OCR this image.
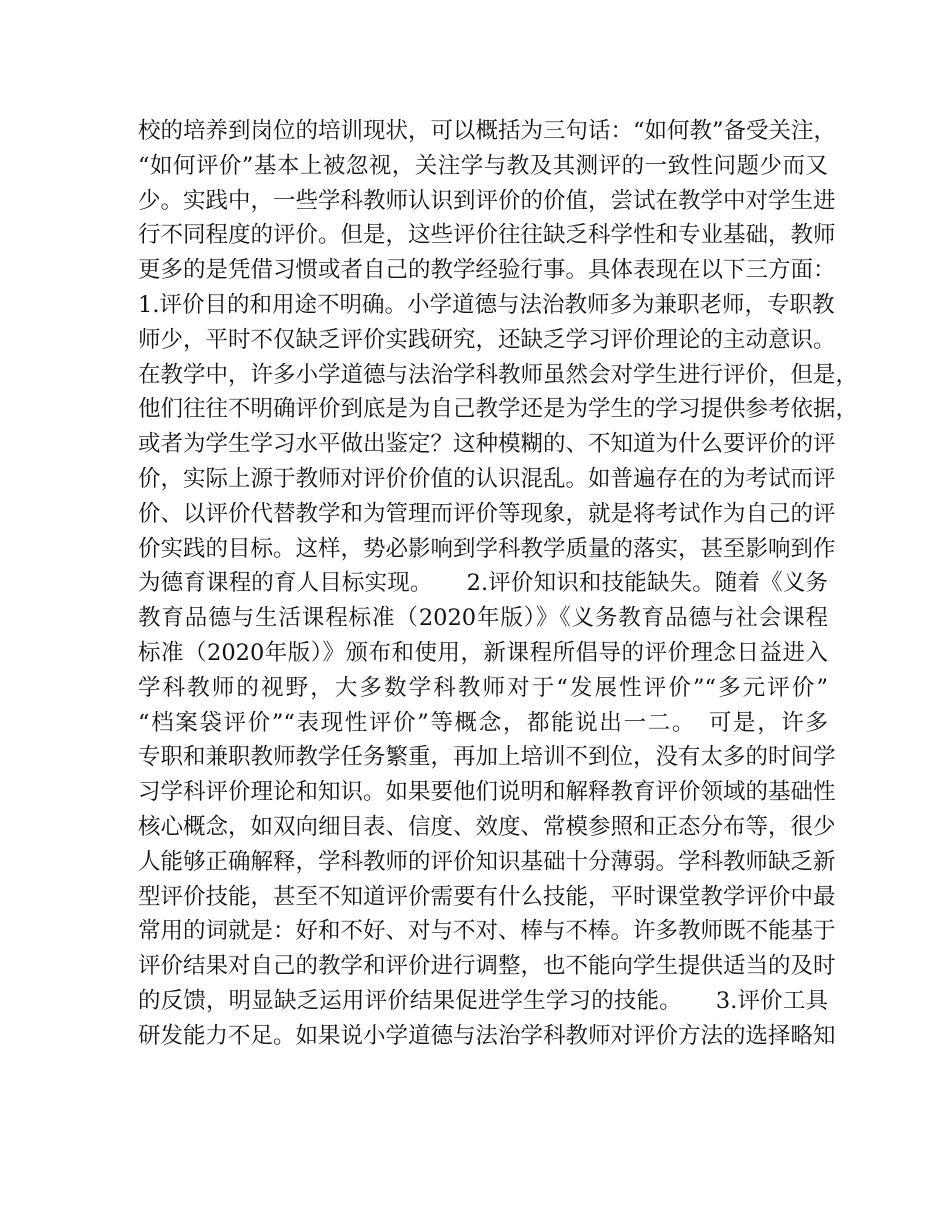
校的培养到岗位的培训现状，可以概括为三句话：“如何教”备受关注，
“如何评价”基本上被忽视，关注学与教及其测评的一致性问题少而又
少。实践中，一些学科教师认识到评价的价值，尝试在教学中对学生进
行不同程度的评价。但是，这些评价往往缺乏科学性和专业基础，教师
更多的是凭借习惯或者自己的教学经验行事。具体表现在以下三方面：
1.评价目的和用途不明确。小学道德与法治教师多为兼职老师，专职教
师少，平时不仅缺乏评价实践研究，还缺乏学习评价理论的主动意识。
在教学中，许多小学道德与法治学科教师虽然会对学生进行评价，但是，
他们往往不明确评价到底是为自己教学还是为学生的学习提供参考依据，
或者为学生学习水平做出鉴定？这种模糊的、不知道为什么要评价的评
价，实际上源于教师对评价价值的认识混乱。如普遍存在的为考试而评
价、以评价代替教学和为管理而评价等现象，就是将考试作为自己的评
价实践的目标。这样，势必影响到学科教学质量的落实，甚至影响到作
为德育课程的育人目标实现。　　2.评价知识和技能缺失。随着《义务
教育品德与生活课程标准（2020年版）》《义务教育品德与社会课程
标准（2020年版）》颁布和使用，新课程所倡导的评价理念日益进入
学科教师的视野，大多数学科教师对于“发展性评价”“多元评价”
“档案袋评价”“表现性评价”等概念，都能说出一二。　可是，许多
专职和兼职教师教学任务繁重，再加上培训不到位，没有太多的时间学
习学科评价理论和知识。如果要他们说明和解释教育评价领域的基础性
核心概念，如双向细目表、信度、效度、常模参照和正态分布等，很少
人能够正确解释，学科教师的评价知识基础十分薄弱。学科教师缺乏新
型评价技能，甚至不知道评价需要有什么技能，平时课堂教学评价中最
常用的词就是：好和不好、对与不对、棒与不棒。许多教师既不能基于
评价结果对自己的教学和评价进行调整，也不能向学生提供适当的及时
的反馈，明显缺乏运用评价结果促进学生学习的技能。　　3.评价工具
研发能力不足。如果说小学道德与法治学科教师对评价方法的选择略知
